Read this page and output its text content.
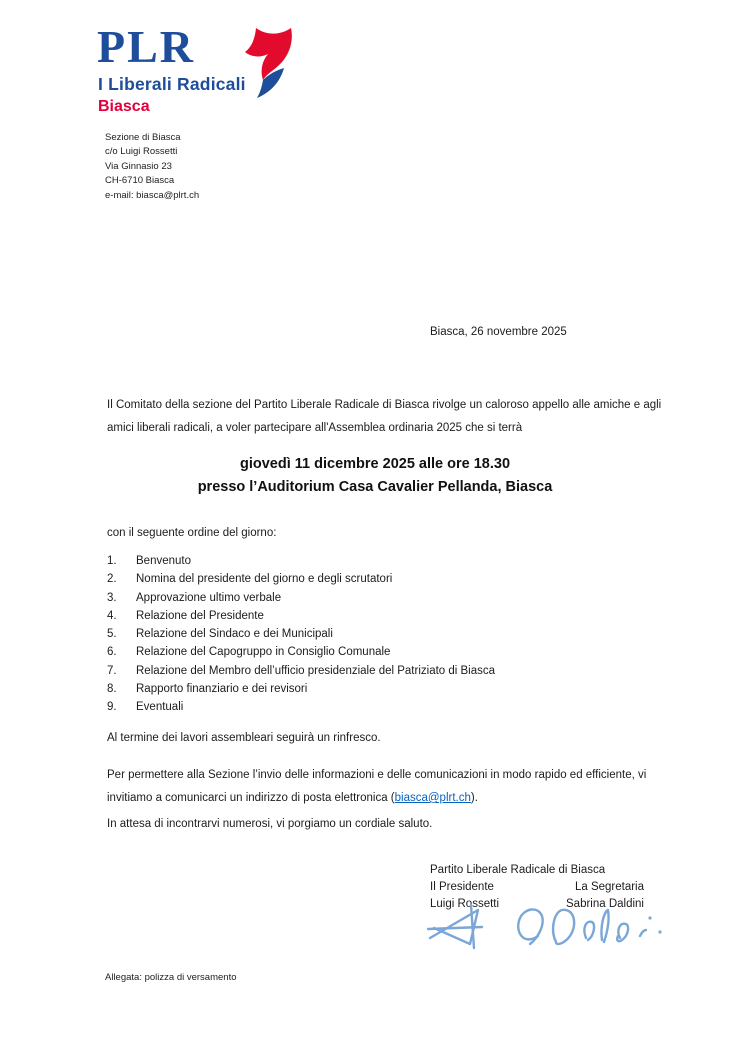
PLR
I Liberali Radicali
Biasca
Sezione di Biasca
c/o Luigi Rossetti
Via Ginnasio 23
CH-6710 Biasca
e-mail: biasca@plrt.ch
Biasca, 26 novembre 2025
Il Comitato della sezione del Partito Liberale Radicale di Biasca rivolge un caloroso appello alle amiche e agli amici liberali radicali, a voler partecipare all'Assemblea ordinaria 2025 che si terrà
giovedì 11 dicembre 2025 alle ore 18.30
presso l’Auditorium Casa Cavalier Pellanda, Biasca
con il seguente ordine del giorno:
1.	Benvenuto
2.	Nomina del presidente del giorno e degli scrutatori
3.	Approvazione ultimo verbale
4.	Relazione del Presidente
5.	Relazione del Sindaco e dei Municipali
6.	Relazione del Capogruppo in Consiglio Comunale
7.	Relazione del Membro dell’ufficio presidenziale del Patriziato di Biasca
8.	Rapporto finanziario e dei revisori
9.	Eventuali
Al termine dei lavori assembleari seguirà un rinfresco.
Per permettere alla Sezione l’invio delle informazioni e delle comunicazioni in modo rapido ed efficiente, vi invitiamo a comunicarci un indirizzo di posta elettronica (biasca@plrt.ch).
In attesa di incontrarvi numerosi, vi porgiamo un cordiale saluto.
Partito Liberale Radicale di Biasca
Il Presidente	La Segretaria
Luigi Rossetti	Sabrina Daldini
Allegata: polizza di versamento
